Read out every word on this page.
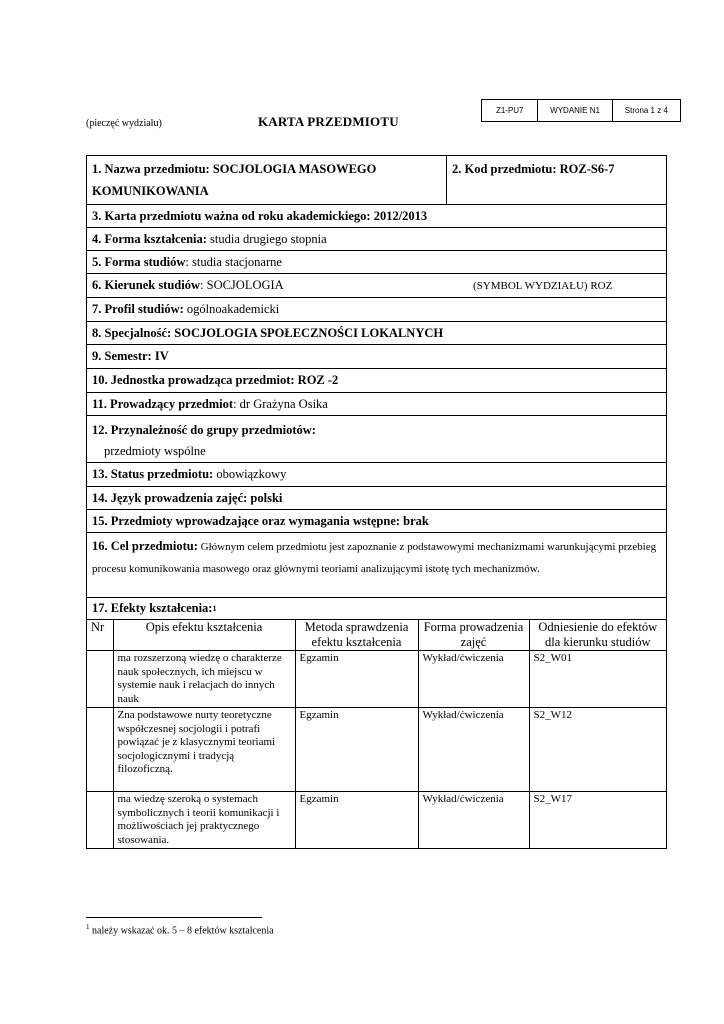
Z1-PU7	WYDANIE N1	Strona 1 z 4
(pieczęć wydziału)	KARTA PRZEDMIOTU
1. Nazwa przedmiotu: SOCJOLOGIA MASOWEGO
KOMUNIKOWANIA
2. Kod przedmiotu: ROZ-S6-7
3. Karta przedmiotu ważna od roku akademickiego: 2012/2013
4. Forma kształcenia: studia drugiego stopnia
5. Forma studiów : studia stacjonarne
6. Kierunek studiów : SOCJOLOGIA	(SYMBOL WYDZIAŁU) ROZ
7. Profil studiów: ogólnoakademicki
8. Specjalność: SOCJOLOGIA SPOŁECZNOŚCI LOKALNYCH
9. Semestr: IV
10. Jednostka prowadząca przedmiot: ROZ -2
11. Prowadzący przedmiot : dr Grażyna Osika
12. Przynależność do grupy przedmiotów:
przedmioty wspólne
13. Status przedmiotu: obowiązkowy
14. Język prowadzenia zajęć: polski
15. Przedmioty wprowadzające oraz wymagania wstępne: brak
16. Cel przedmiotu: Głównym celem przedmiotu jest zapoznanie z podstawowymi mechanizmami warunkującymi przebieg procesu komunikowania masowego oraz głównymi teoriami analizującymi istotę tych mechanizmów.
17. Efekty kształcenia: 1
Nr	Opis efektu kształcenia	Metoda sprawdzenia efektu kształcenia	Forma prowadzenia zajęć	Odniesienie do efektów dla kierunku studiów
	ma rozszerzoną wiedzę o charakterze nauk społecznych, ich miejscu w systemie nauk i relacjach do innych nauk	Egzamin	Wykład/ćwiczenia	S2_W01
	Zna podstawowe nurty teoretyczne współczesnej socjologii i potrafi powiązać je z klasycznymi teoriami socjologicznymi i tradycją filozoficzną.	Egzamin	Wykład/ćwiczenia	S2_W12
	ma wiedzę szeroką o systemach symbolicznych i teorii komunikacji i możliwościach jej praktycznego stosowania.	Egzamin	Wykład/ćwiczenia	S2_W17
$^1$ należy wskazać ok. 5 – 8 efektów kształcenia
